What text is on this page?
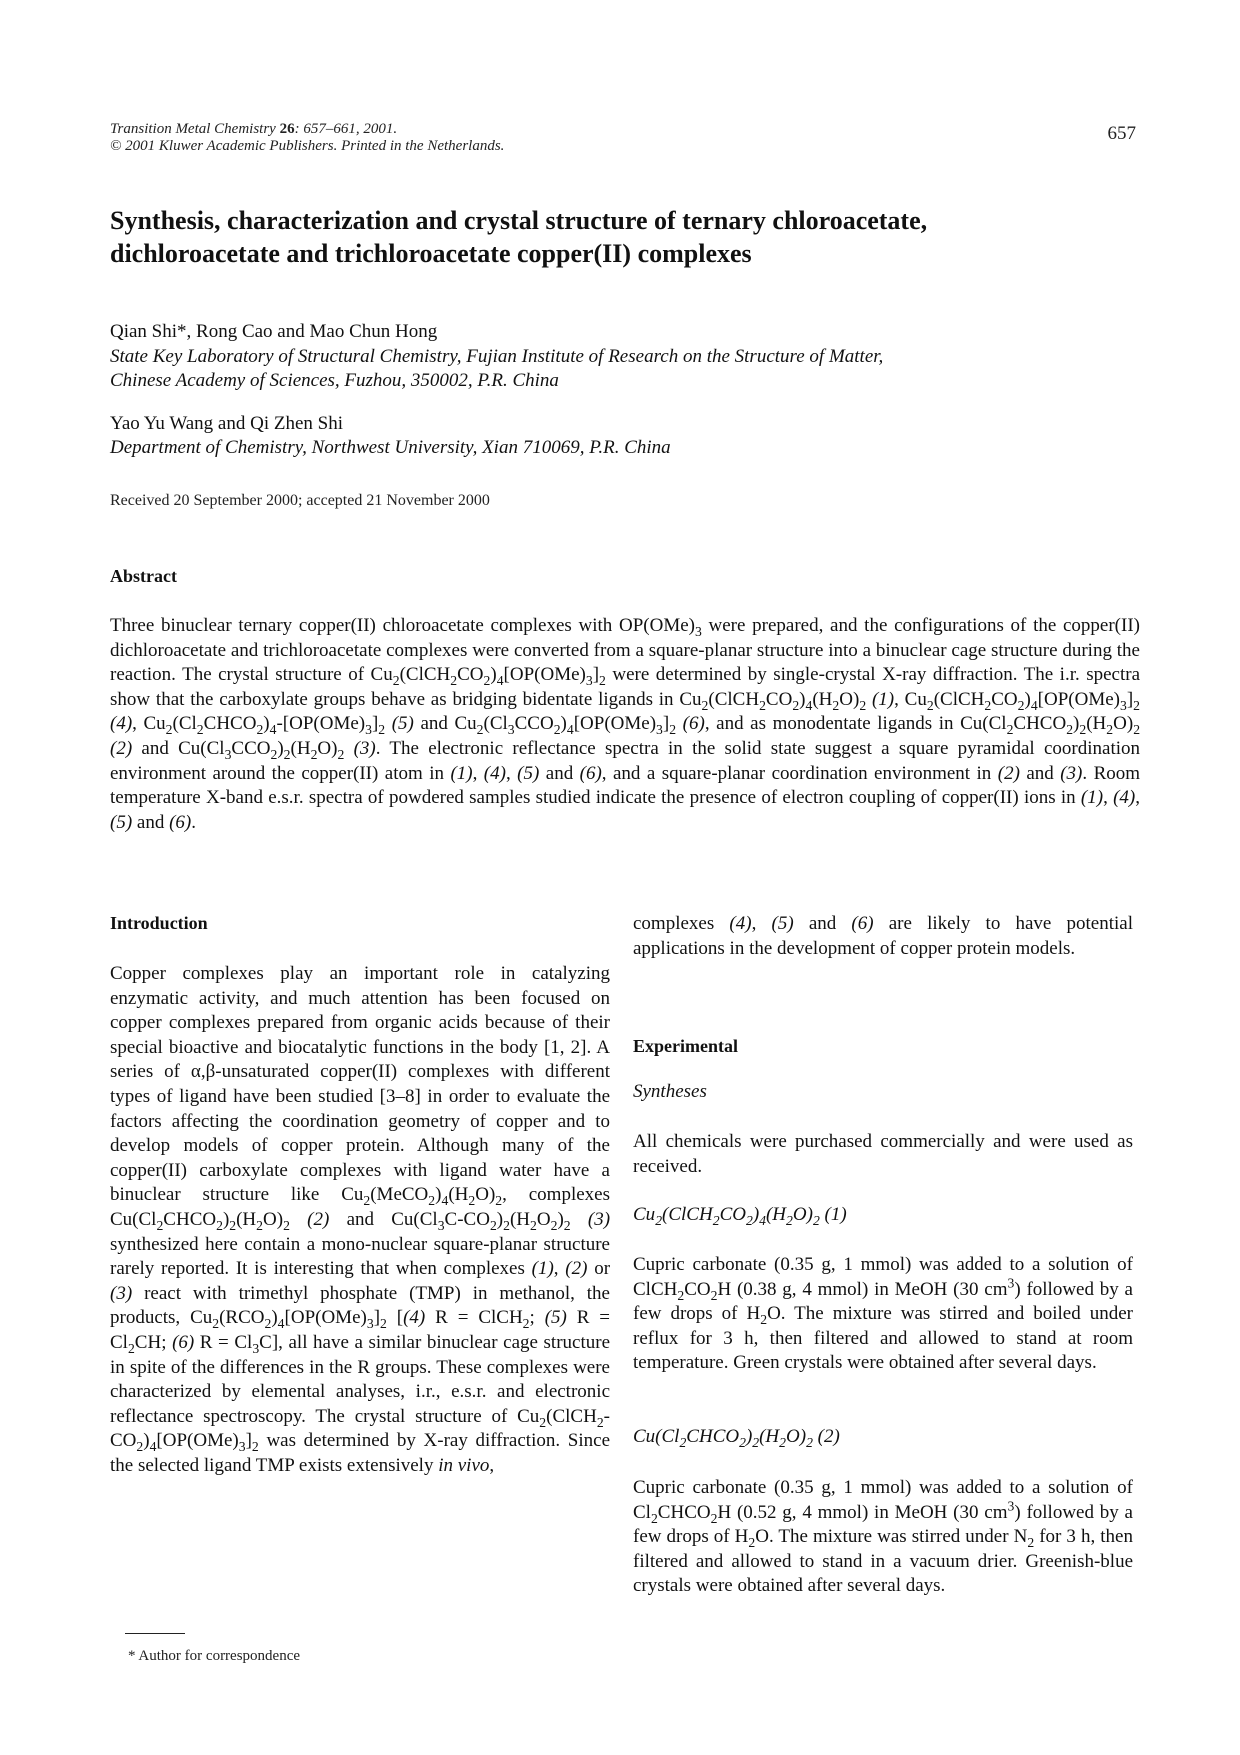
Transition Metal Chemistry 26: 657–661, 2001.
© 2001 Kluwer Academic Publishers. Printed in the Netherlands.
657
Synthesis, characterization and crystal structure of ternary chloroacetate,
dichloroacetate and trichloroacetate copper(II) complexes
Qian Shi*, Rong Cao and Mao Chun Hong
State Key Laboratory of Structural Chemistry, Fujian Institute of Research on the Structure of Matter,
Chinese Academy of Sciences, Fuzhou, 350002, P.R. China
Yao Yu Wang and Qi Zhen Shi
Department of Chemistry, Northwest University, Xian 710069, P.R. China
Received 20 September 2000; accepted 21 November 2000
Abstract
Three binuclear ternary copper(II) chloroacetate complexes with $OP(OMe)_3$ were prepared, and the configurations of the copper(II) dichloroacetate and trichloroacetate complexes were converted from a square-planar structure into a binuclear cage structure during the reaction. The crystal structure of $Cu_2(ClCH_2CO_2)_4[OP(OMe)_3]_2$ were determined by single-crystal X-ray diffraction. The i.r. spectra show that the carboxylate groups behave as bridging bidentate ligands in $Cu_2(ClCH_2CO_2)_4(H_2O)_2$ (1), $Cu_2(ClCH_2CO_2)_4[OP(OMe)_3]_2$ (4), $Cu_2(Cl_2CHCO_2)_4-[OP(OMe)_3]_2$ (5) and $Cu_2(Cl_3CCO_2)_4[OP(OMe)_3]_2$ (6), and as monodentate ligands in $Cu(Cl_2CHCO_2)_2(H_2O)_2$ (2) and $Cu(Cl_3CCO_2)_2(H_2O)_2$ (3). The electronic reflectance spectra in the solid state suggest a square pyramidal coordination environment around the copper(II) atom in (1), (4), (5) and (6), and a square-planar coordination environment in (2) and (3). Room temperature X-band e.s.r. spectra of powdered samples studied indicate the presence of electron coupling of copper(II) ions in (1), (4), (5) and (6).
Introduction
Copper complexes play an important role in catalyzing enzymatic activity, and much attention has been focused on copper complexes prepared from organic acids because of their special bioactive and biocatalytic functions in the body [1, 2]. A series of α,β-unsaturated copper(II) complexes with different types of ligand have been studied [3–8] in order to evaluate the factors affecting the coordination geometry of copper and to develop models of copper protein. Although many of the copper(II) carboxylate complexes with ligand water have a binuclear structure like $Cu_2(MeCO_2)_4(H_2O)_2$, complexes $Cu(Cl_2CHCO_2)_2(H_2O)_2$ (2) and $Cu(Cl_3C-CO_2)_2(H_2O_2)_2$ (3) synthesized here contain a mono-nuclear square-planar structure rarely reported. It is interesting that when complexes (1), (2) or (3) react with trimethyl phosphate (TMP) in methanol, the products, $Cu_2(RCO_2)_4[OP(OMe)_3]_2$ [(4) R = ClCH$_2$; (5) $R = Cl_2CH$; (6) $R = Cl_3C$], all have a similar binuclear cage structure in spite of the differences in the R groups. These complexes were characterized by elemental analyses, i.r., e.s.r. and electronic reflectance spectroscopy. The crystal structure of $Cu_2(ClCH_2-CO_2)_4[OP(OMe)_3]_2$ was determined by X-ray diffraction. Since the selected ligand TMP exists extensively in vivo,
* Author for correspondence
complexes (4), (5) and (6) are likely to have potential applications in the development of copper protein models.
Experimental
Syntheses
All chemicals were purchased commercially and were used as received.
$Cu_2(ClCH_2CO_2)_4(H_2O)_2$ (1)
Cupric carbonate (0.35 g, 1 mmol) was added to a solution of $ClCH_2CO_2H$ (0.38 g, 4 mmol) in MeOH (30 $cm^3$) followed by a few drops of $H_2O$. The mixture was stirred and boiled under reflux for 3 h, then filtered and allowed to stand at room temperature. Green crystals were obtained after several days.
$Cu(Cl_2CHCO_2)_2(H_2O)_2$ (2)
Cupric carbonate (0.35 g, 1 mmol) was added to a solution of $Cl_2CHCO_2H$ (0.52 g, 4 mmol) in MeOH (30 $cm^3$) followed by a few drops of $H_2O$. The mixture was stirred under $N_2$ for 3 h, then filtered and allowed to stand in a vacuum drier. Greenish-blue crystals were obtained after several days.
